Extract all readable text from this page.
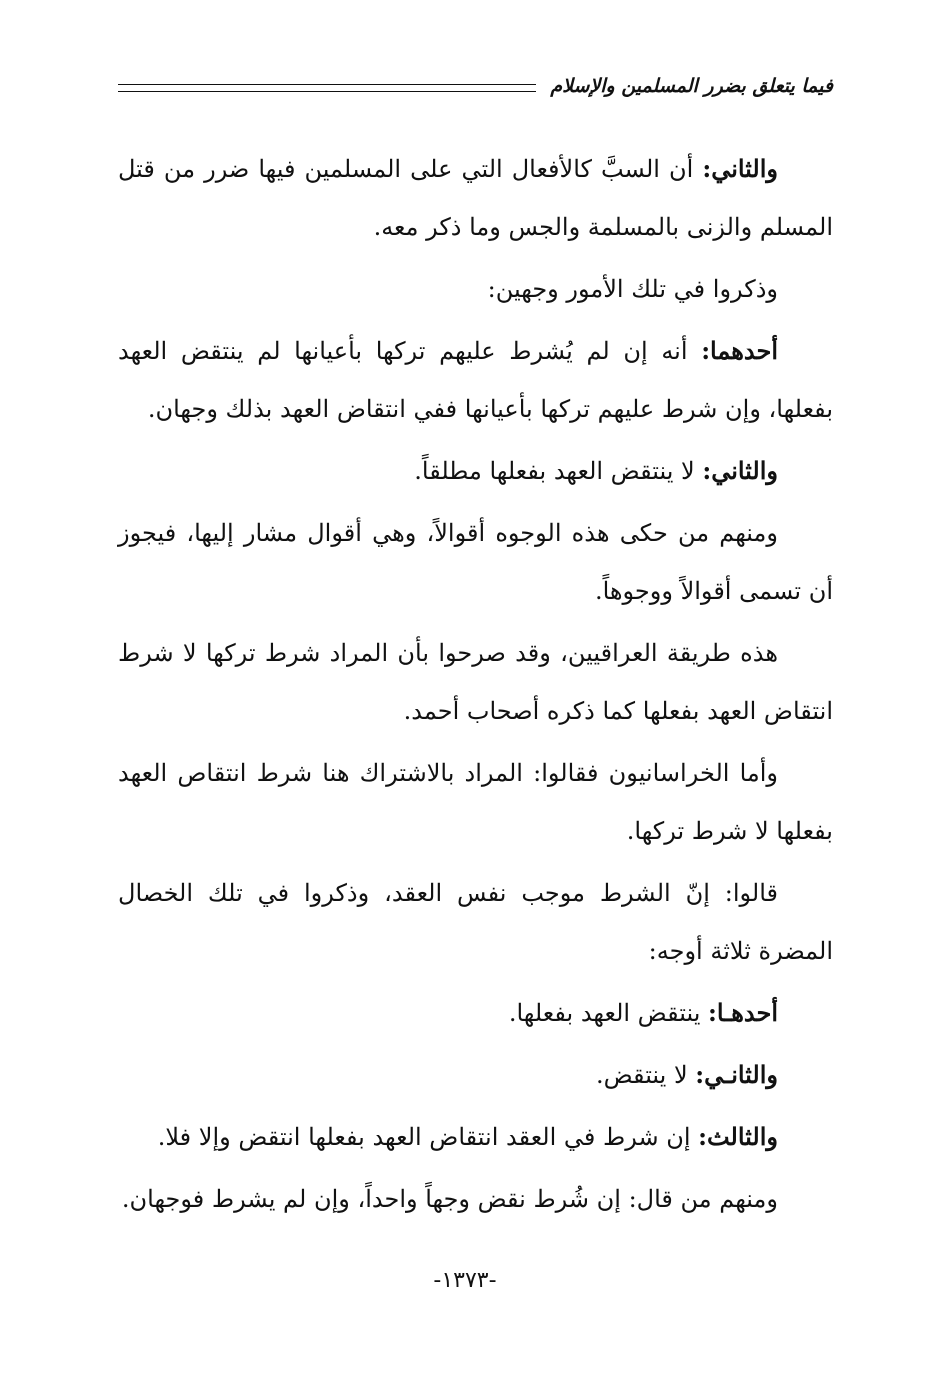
فيما يتعلق بضرر المسلمين والإسلام

والثاني: أن السبَّ كالأفعال التي على المسلمين فيها ضرر من قتل المسلم والزنى بالمسلمة والجس وما ذكر معه.

وذكروا في تلك الأمور وجهين:

أحدهما: أنه إن لم يُشرط عليهم تركها بأعيانها لم ينتقض العهد بفعلها، وإن شرط عليهم تركها بأعيانها ففي انتقاض العهد بذلك وجهان.

والثاني: لا ينتقض العهد بفعلها مطلقاً.

ومنهم من حكى هذه الوجوه أقوالاً، وهي أقوال مشار إليها، فيجوز أن تسمى أقوالاً ووجوهاً.

هذه طريقة العراقيين، وقد صرحوا بأن المراد شرط تركها لا شرط انتقاض العهد بفعلها كما ذكره أصحاب أحمد.

وأما الخراسانيون فقالوا: المراد بالاشتراك هنا شرط انتقاص العهد بفعلها لا شرط تركها.

قالوا: إنّ الشرط موجب نفس العقد، وذكروا في تلك الخصال المضرة ثلاثة أوجه:

أحدهـا: ينتقض العهد بفعلها.

والثانـي: لا ينتقض.

والثالث: إن شرط في العقد انتقاض العهد بفعلها انتقض وإلا فلا.

ومنهم من قال: إن شُرط نقض وجهاً واحداً، وإن لم يشرط فوجهان.

-١٣٧٣-
